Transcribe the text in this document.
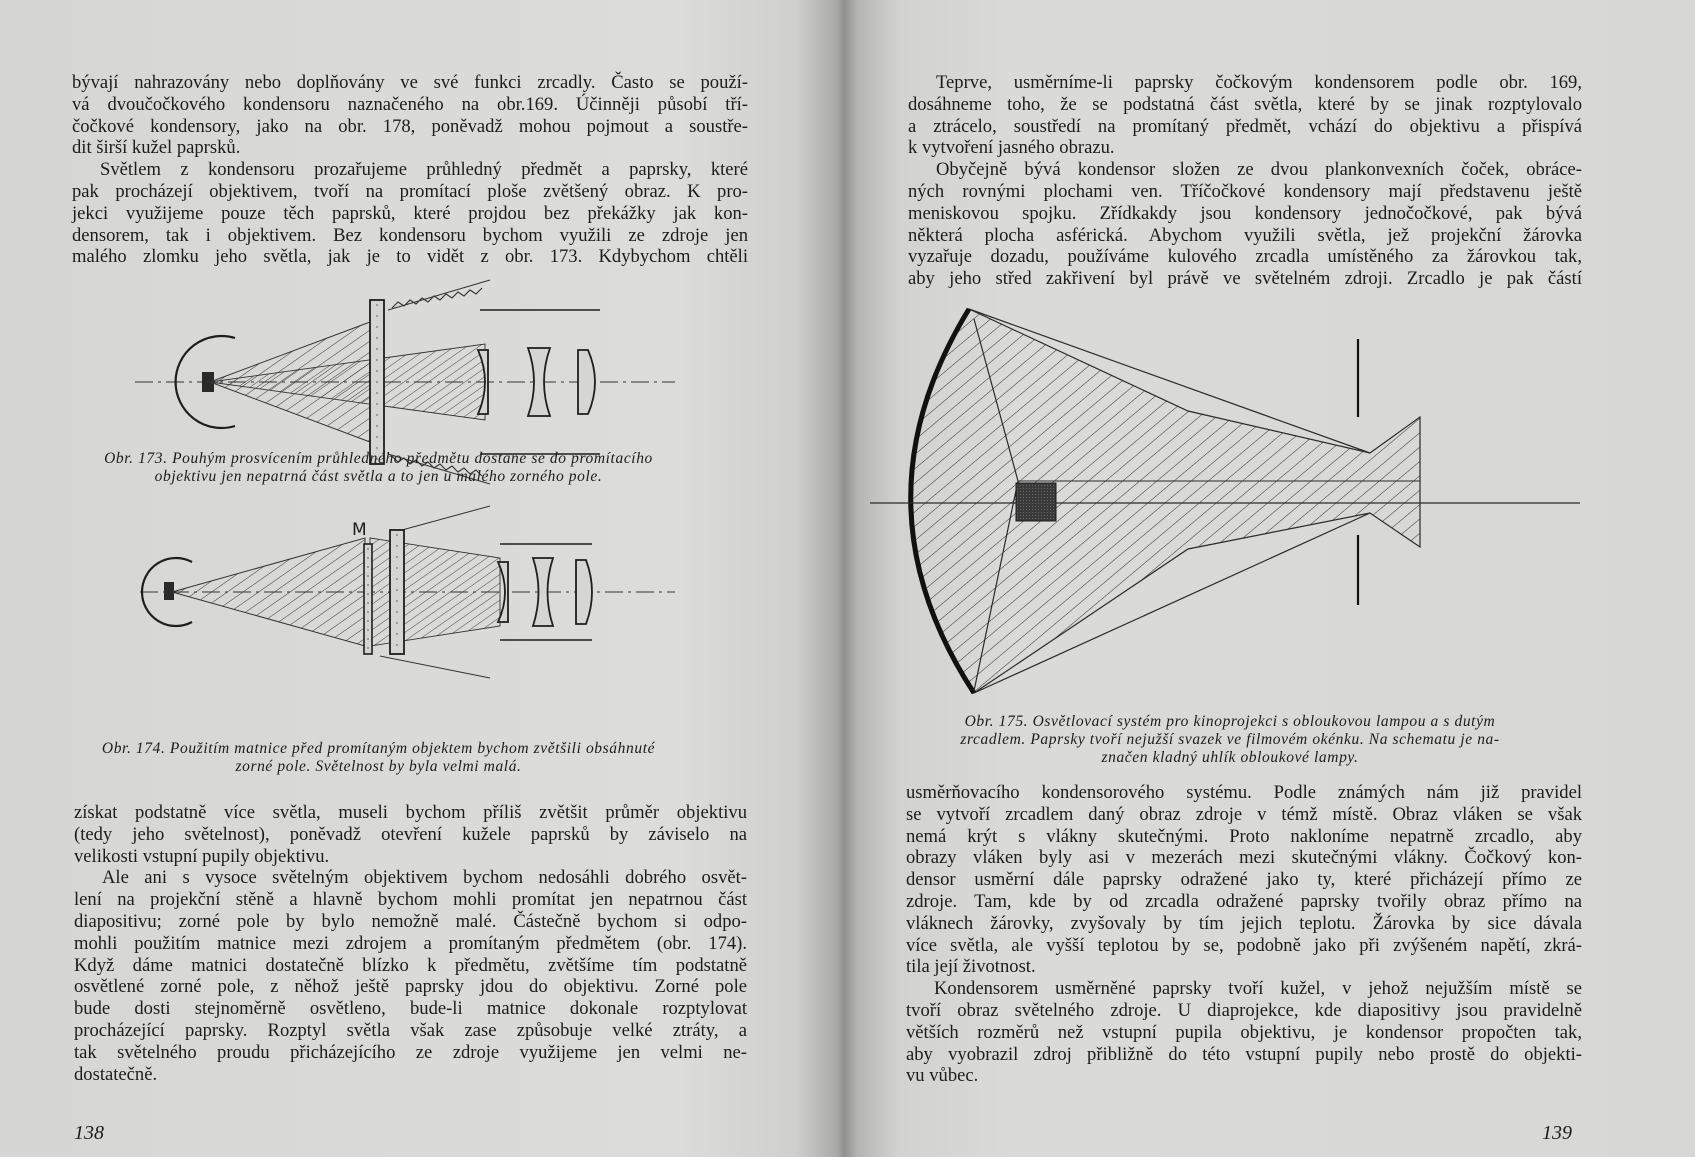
bývají nahrazovány nebo doplňovány ve své funkci zrcadly. Často se použí-
vá dvoučočkového kondensoru naznačeného na obr.169. Účinněji působí tří-
čočkové kondensory, jako na obr. 178, poněvadž mohou pojmout a soustře-
dit širší kužel paprsků.
Světlem z kondensoru prozařujeme průhledný předmět a paprsky, které
pak procházejí objektivem, tvoří na promítací ploše zvětšený obraz. K pro-
jekci využijeme pouze těch paprsků, které projdou bez překážky jak kon-
densorem, tak i objektivem. Bez kondensoru bychom využili ze zdroje jen
malého zlomku jeho světla, jak je to vidět z obr. 173. Kdybychom chtěli
Obr. 173. Pouhým prosvícením průhledného předmětu dostane se do promítacího
objektivu jen nepatrná část světla a to jen u malého zorného pole.
M
Obr. 174. Použitím matnice před promítaným objektem bychom zvětšili obsáhnuté
zorné pole. Světelnost by byla velmi malá.
získat podstatně více světla, museli bychom příliš zvětšit průměr objektivu
(tedy jeho světelnost), poněvadž otevření kužele paprsků by záviselo na
velikosti vstupní pupily objektivu.
Ale ani s vysoce světelným objektivem bychom nedosáhli dobrého osvět-
lení na projekční stěně a hlavně bychom mohli promítat jen nepatrnou část
diapositivu; zorné pole by bylo nemožně malé. Částečně bychom si odpo-
mohli použitím matnice mezi zdrojem a promítaným předmětem (obr. 174).
Když dáme matnici dostatečně blízko k předmětu, zvětšíme tím podstatně
osvětlené zorné pole, z něhož ještě paprsky jdou do objektivu. Zorné pole
bude dosti stejnoměrně osvětleno, bude-li matnice dokonale rozptylovat
procházející paprsky. Rozptyl světla však zase způsobuje velké ztráty, a
tak světelného proudu přicházejícího ze zdroje využijeme jen velmi ne-
dostatečně.
138
Teprve, usměrníme-li paprsky čočkovým kondensorem podle obr. 169,
dosáhneme toho, že se podstatná část světla, které by se jinak rozptylovalo
a ztrácelo, soustředí na promítaný předmět, vchází do objektivu a přispívá
k vytvoření jasného obrazu.
Obyčejně bývá kondensor složen ze dvou plankonvexních čoček, obráce-
ných rovnými plochami ven. Tříčočkové kondensory mají představenu ještě
meniskovou spojku. Zřídkakdy jsou kondensory jednočočkové, pak bývá
některá plocha asférická. Abychom využili světla, jež projekční žárovka
vyzařuje dozadu, používáme kulového zrcadla umístěného za žárovkou tak,
aby jeho střed zakřivení byl právě ve světelném zdroji. Zrcadlo je pak částí
Obr. 175. Osvětlovací systém pro kinoprojekci s obloukovou lampou a s dutým
zrcadlem. Paprsky tvoří nejužší svazek ve filmovém okénku. Na schematu je na-
značen kladný uhlík obloukové lampy.
usměrňovacího kondensorového systému. Podle známých nám již pravidel
se vytvoří zrcadlem daný obraz zdroje v témž místě. Obraz vláken se však
nemá krýt s vlákny skutečnými. Proto nakloníme nepatrně zrcadlo, aby
obrazy vláken byly asi v mezerách mezi skutečnými vlákny. Čočkový kon-
densor usměrní dále paprsky odražené jako ty, které přicházejí přímo ze
zdroje. Tam, kde by od zrcadla odražené paprsky tvořily obraz přímo na
vláknech žárovky, zvyšovaly by tím jejich teplotu. Žárovka by sice dávala
více světla, ale vyšší teplotou by se, podobně jako při zvýšeném napětí, zkrá-
tila její životnost.
Kondensorem usměrněné paprsky tvoří kužel, v jehož nejužším místě se
tvoří obraz světelného zdroje. U diaprojekce, kde diapositivy jsou pravidelně
větších rozměrů než vstupní pupila objektivu, je kondensor propočten tak,
aby vyobrazil zdroj přibližně do této vstupní pupily nebo prostě do objekti-
vu vůbec.
139
